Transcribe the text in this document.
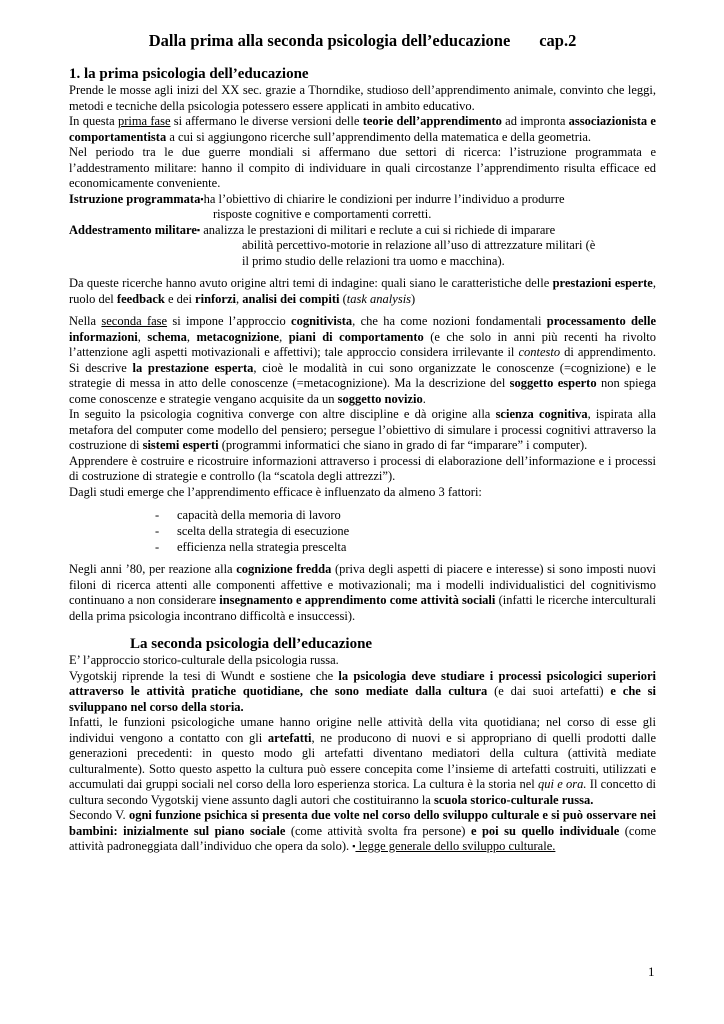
Dalla prima alla seconda psicologia dell’educazione cap.2

1. la prima psicologia dell’educazione

Prende le mosse agli inizi del XX sec. grazie a Thorndike, studioso dell’apprendimento animale, convinto che leggi, metodi e tecniche della psicologia potessero essere applicati in ambito educativo.

In questa prima fase si affermano le diverse versioni delle teorie dell’apprendimento ad impronta associazionista e comportamentista a cui si aggiungono ricerche sull’apprendimento della matematica e della geometria.

Nel periodo tra le due guerre mondiali si affermano due settori di ricerca: l’istruzione programmata e l’addestramento militare: hanno il compito di individuare in quali circostanze l’apprendimento risulta efficace ed economicamente conveniente.

Istruzione programmata ▪ha l’obiettivo di chiarire le condizioni per indurre l’individuo a produrre
risposte cognitive e comportamenti corretti.
Addestramento militare ▪ analizza le prestazioni di militari e reclute a cui si richiede di imparare
abilità percettivo-motorie in relazione all’uso di attrezzature militari (è
il primo studio delle relazioni tra uomo e macchina).

Da queste ricerche hanno avuto origine altri temi di indagine: quali siano le caratteristiche delle prestazioni esperte, ruolo del feedback e dei rinforzi, analisi dei compiti (task analysis)

Nella seconda fase si impone l’approccio cognitivista, che ha come nozioni fondamentali processamento delle informazioni, schema, metacognizione, piani di comportamento (e che solo in anni più recenti ha rivolto l’attenzione agli aspetti motivazionali e affettivi); tale approccio considera irrilevante il contesto di apprendimento. Si descrive la prestazione esperta, cioè le modalità in cui sono organizzate le conoscenze (=cognizione) e le strategie di messa in atto delle conoscenze (=metacognizione). Ma la descrizione del soggetto esperto non spiega come conoscenze e strategie vengano acquisite da un soggetto novizio.

In seguito la psicologia cognitiva converge con altre discipline e dà origine alla scienza cognitiva, ispirata alla metafora del computer come modello del pensiero; persegue l’obiettivo di simulare i processi cognitivi attraverso la costruzione di sistemi esperti (programmi informatici che siano in grado di far “imparare” i computer).

Apprendere è costruire e ricostruire informazioni attraverso i processi di elaborazione dell’informazione e i processi di costruzione di strategie e controllo (la “scatola degli attrezzi”).

Dagli studi emerge che l’apprendimento efficace è influenzato da almeno 3 fattori:

- capacità della memoria di lavoro
- scelta della strategia di esecuzione
- efficienza nella strategia prescelta

Negli anni ’80, per reazione alla cognizione fredda (priva degli aspetti di piacere e interesse) si sono imposti nuovi filoni di ricerca attenti alle componenti affettive e motivazionali; ma i modelli individualistici del cognitivismo continuano a non considerare insegnamento e apprendimento come attività sociali (infatti le ricerche interculturali della prima psicologia incontrano difficoltà e insuccessi).

La seconda psicologia dell’educazione

E’ l’approccio storico-culturale della psicologia russa.

Vygotskij riprende la tesi di Wundt e sostiene che la psicologia deve studiare i processi psicologici superiori attraverso le attività pratiche quotidiane, che sono mediate dalla cultura (e dai suoi artefatti) e che si sviluppano nel corso della storia.

Infatti, le funzioni psicologiche umane hanno origine nelle attività della vita quotidiana; nel corso di esse gli individui vengono a contatto con gli artefatti, ne producono di nuovi e si appropriano di quelli prodotti dalle generazioni precedenti: in questo modo gli artefatti diventano mediatori della cultura (attività mediate culturalmente). Sotto questo aspetto la cultura può essere concepita come l’insieme di artefatti costruiti, utilizzati e accumulati dai gruppi sociali nel corso della loro esperienza storica. La cultura è la storia nel qui e ora. Il concetto di cultura secondo Vygotskij viene assunto dagli autori che costituiranno la scuola storico-culturale russa.

Secondo V. ogni funzione psichica si presenta due volte nel corso dello sviluppo culturale e si può osservare nei bambini: inizialmente sul piano sociale (come attività svolta fra persone) e poi su quello individuale (come attività padroneggiata dall’individuo che opera da solo). ▪ legge generale dello sviluppo culturale.

1
